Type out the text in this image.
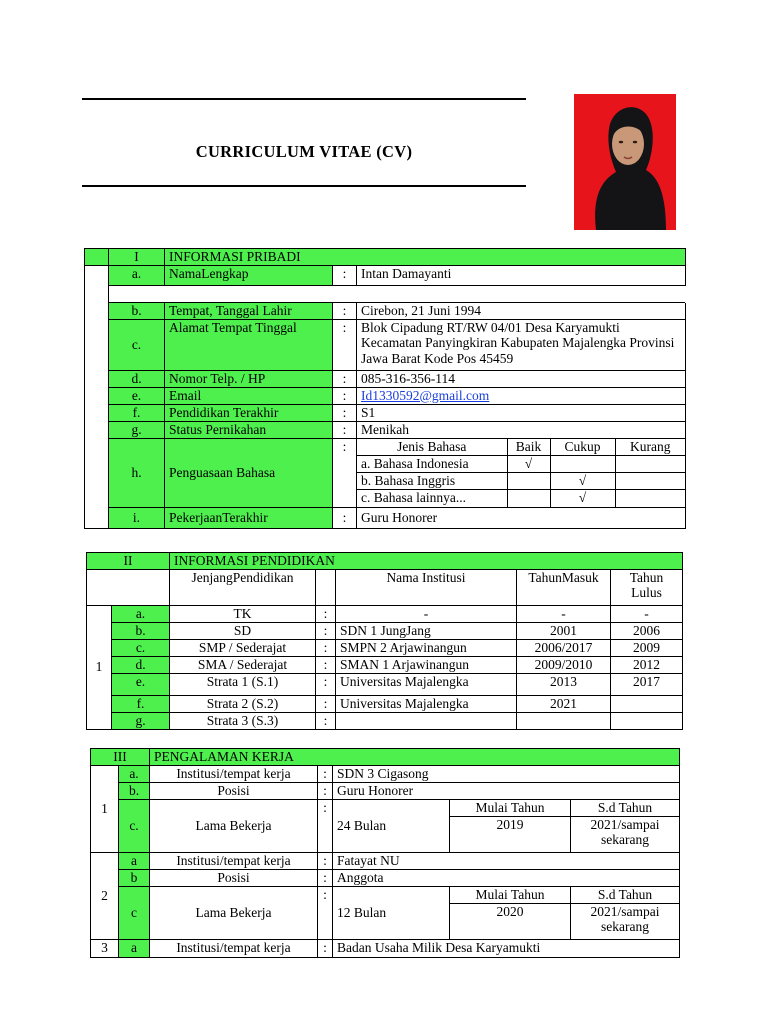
CURRICULUM VITAE (CV)
	I	INFORMASI PRIBADI
	a.	NamaLengkap	:	Intan Damayanti

b.	Tempat, Tanggal Lahir	:	Cirebon, 21 Juni 1994
c.	Alamat Tempat Tinggal	:	Blok Cipadung RT/RW 04/01 Desa Karyamukti Kecamatan Panyingkiran Kabupaten Majalengka Provinsi Jawa Barat Kode Pos 45459
d.	Nomor Telp. / HP	:	085-316-356-114
e.	Email	:	Id1330592@gmail.com
f.	Pendidikan Terakhir	:	S1
g.	Status Pernikahan	:	Menikah
h.	Penguasaan Bahasa	:		Jenis Bahasa	Baik	Cukup	Kurang
a. Bahasa Indonesia	√		
b. Bahasa Inggris		√	
c. Bahasa lainnya...		√	

i.	PekerjaanTerakhir	:	Guru Honorer
II		INFORMASI PENDIDIKAN				
		JenjangPendidikan		Nama Institusi	TahunMasuk	Tahun
Lulus
1	a.	TK	:	-	-	-
	b.	SD	:	SDN 1 JungJang	2001	2006
	c.	SMP / Sederajat	:	SMPN 2 Arjawinangun	2006/2017	2009
	d.	SMA / Sederajat	:	SMAN 1 Arjawinangun	2009/2010	2012
	e.	Strata 1 (S.1)	:	Universitas Majalengka	2013	2017
	f.	Strata 2 (S.2)	:	Universitas Majalengka	2021	
	g.	Strata 3 (S.3)	:			
III		PENGALAMAN KERJA				
1	a.	Institusi/tempat kerja	:	SDN 3 Cigasong		
	b.	Posisi	:	Guru Honorer		
	c.	Lama Bekerja	:	24 Bulan	Mulai Tahun	S.d Tahun
					2019	2021/sampai sekarang
2	a	Institusi/tempat kerja	:	Fatayat NU		
	b	Posisi	:	Anggota		
	c	Lama Bekerja	:	12 Bulan	Mulai Tahun	S.d Tahun
					2020	2021/sampai sekarang
3	a	Institusi/tempat kerja	:	Badan Usaha Milik Desa Karyamukti		
